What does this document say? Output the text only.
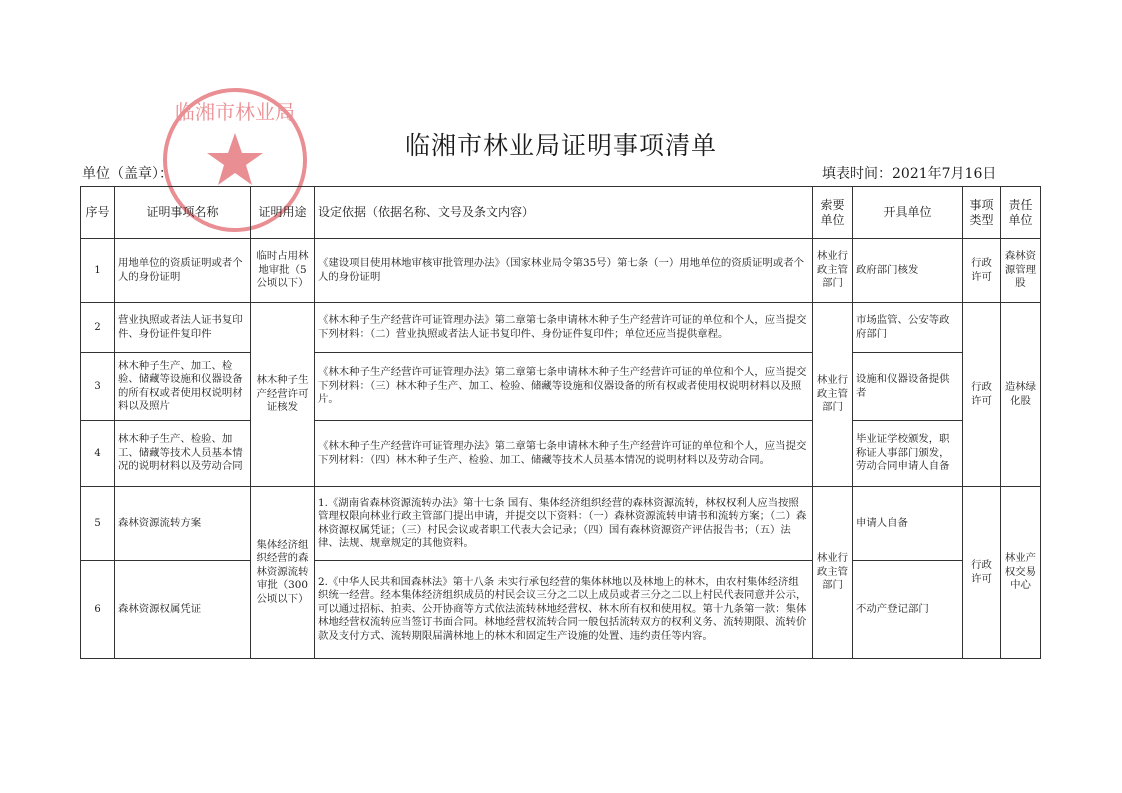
临湘市林业局
临湘市林业局证明事项清单
单位（盖章）：	填表时间：2021年7月16日
序号	证明事项名称	证明用途	设定依据（依据名称、文号及条文内容）	索要单位	开具单位	事项类型	责任单位
1	用地单位的资质证明或者个人的身份证明	临时占用林地审批（5公顷以下）	《建设项目使用林地审核审批管理办法》（国家林业局令第35号）第七条（一）用地单位的资质证明或者个人的身份证明	林业行政主管部门	政府部门核发	行政许可	森林资源管理股
2	营业执照或者法人证书复印件、身份证件复印件	林木种子生产经营许可证核发	《林木种子生产经营许可证管理办法》第二章第七条申请林木种子生产经营许可证的单位和个人，应当提交下列材料：（二）营业执照或者法人证书复印件、身份证件复印件；单位还应当提供章程。	林业行政主管部门	市场监管、公安等政府部门	行政许可	造林绿化股
3	林木种子生产、加工、检验、储藏等设施和仪器设备的所有权或者使用权说明材料以及照片		《林木种子生产经营许可证管理办法》第二章第七条申请林木种子生产经营许可证的单位和个人，应当提交下列材料：（三）林木种子生产、加工、检验、储藏等设施和仪器设备的所有权或者使用权说明材料以及照片。		设施和仪器设备提供者		
4	林木种子生产、检验、加工、储藏等技术人员基本情况的说明材料以及劳动合同		《林木种子生产经营许可证管理办法》第二章第七条申请林木种子生产经营许可证的单位和个人，应当提交下列材料：（四）林木种子生产、检验、加工、储藏等技术人员基本情况的说明材料以及劳动合同。		毕业证学校颁发，职称证人事部门颁发，劳动合同申请人自备		
5	森林资源流转方案	集体经济组织经营的森林资源流转审批（300公顷以下）	1.《湖南省森林资源流转办法》第十七条 国有、集体经济组织经营的森林资源流转，林权权利人应当按照管理权限向林业行政主管部门提出申请，并提交以下资料：（一）森林资源流转申请书和流转方案；（二）森林资源权属凭证；（三）村民会议或者职工代表大会记录；（四）国有森林资源资产评估报告书；（五）法律、法规、规章规定的其他资料。	林业行政主管部门	申请人自备	行政许可	林业产权交易中心
6	森林资源权属凭证		2.《中华人民共和国森林法》第十八条 未实行承包经营的集体林地以及林地上的林木，由农村集体经济组织统一经营。经本集体经济组织成员的村民会议三分之二以上成员或者三分之二以上村民代表同意并公示，可以通过招标、拍卖、公开协商等方式依法流转林地经营权、林木所有权和使用权。第十九条第一款：集体林地经营权流转应当签订书面合同。林地经营权流转合同一般包括流转双方的权利义务、流转期限、流转价款及支付方式、流转期限届满林地上的林木和固定生产设施的处置、违约责任等内容。		不动产登记部门		
